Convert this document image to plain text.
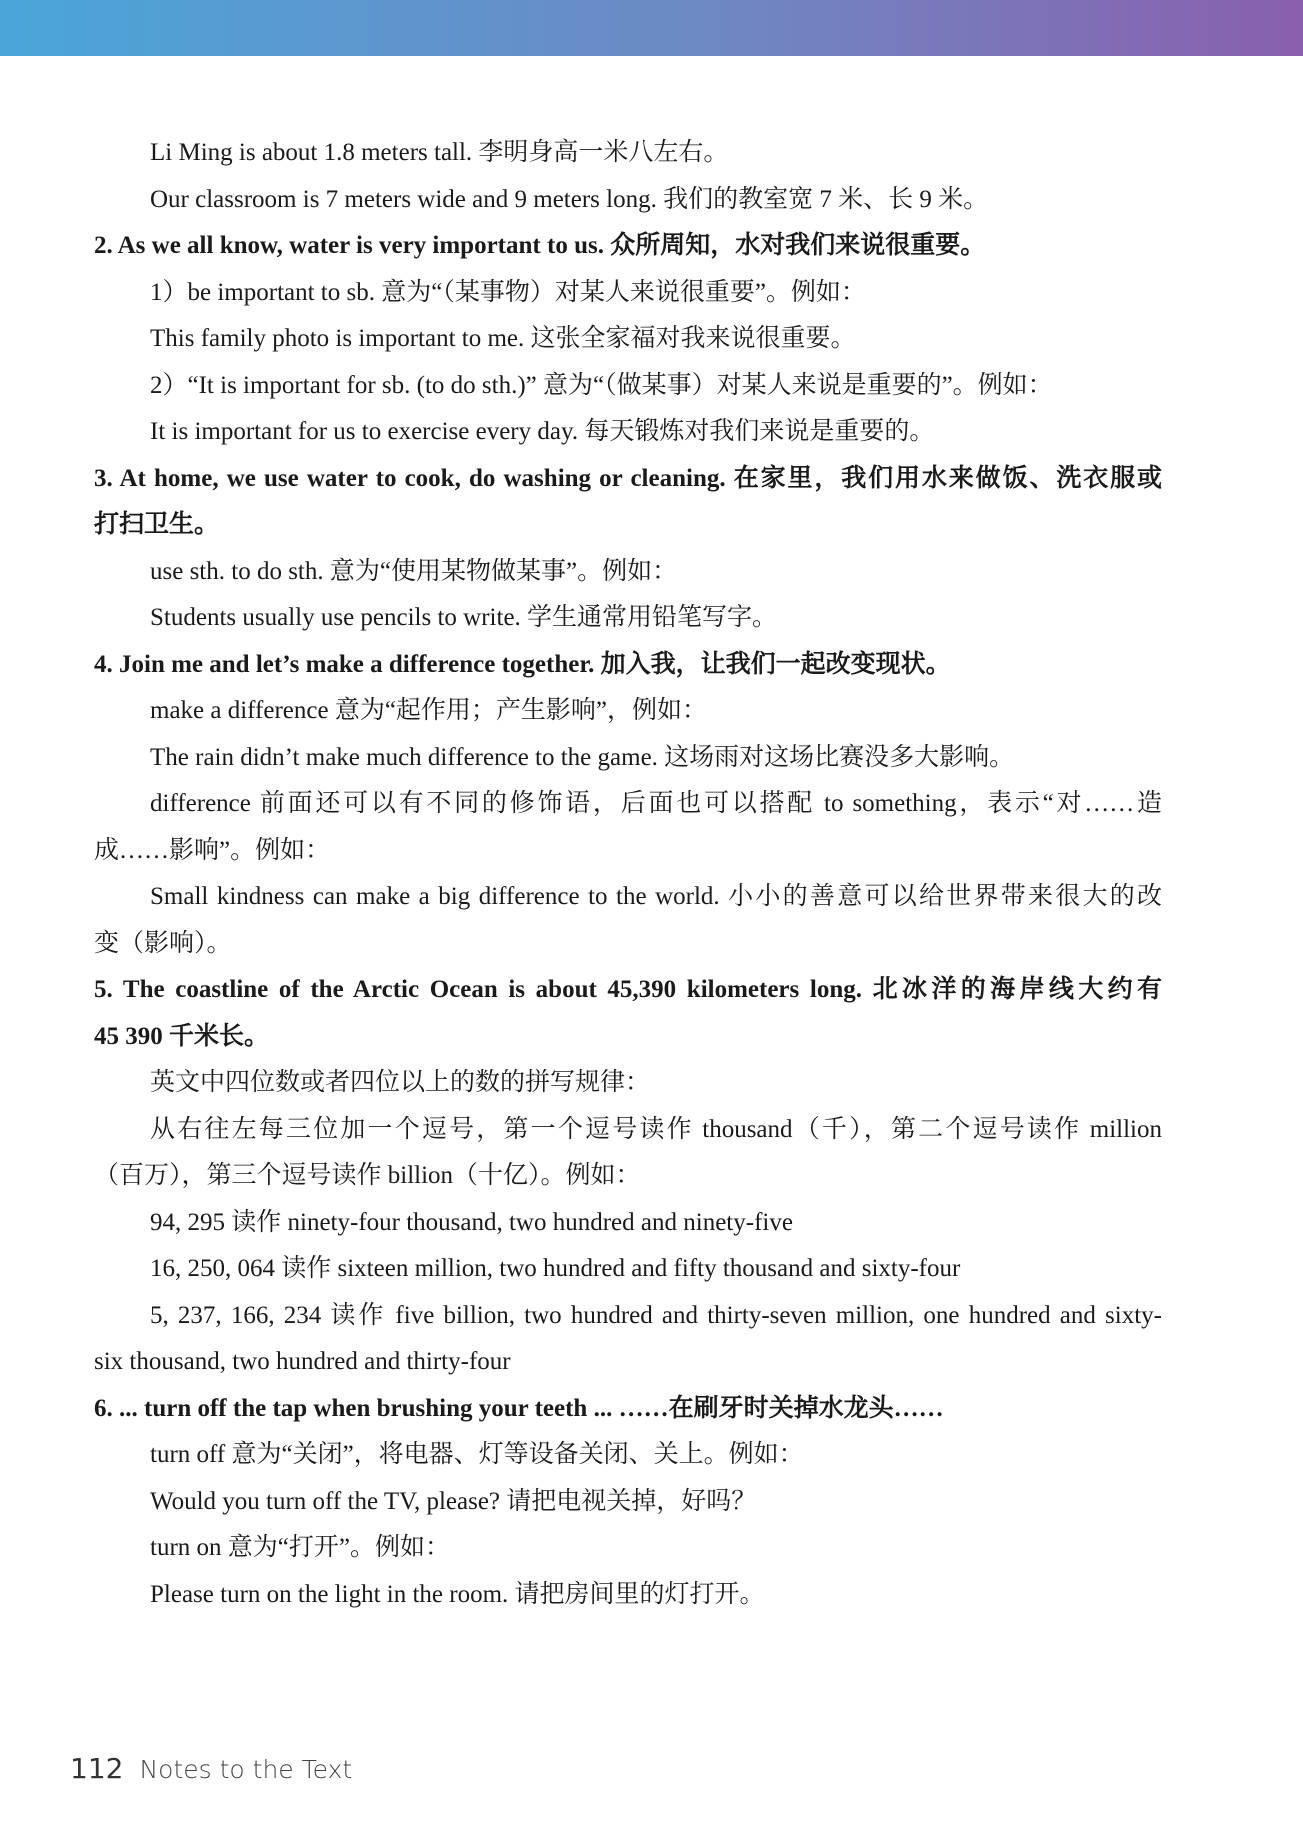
Li Ming is about 1.8 meters tall. 李明身高一米八左右。

Our classroom is 7 meters wide and 9 meters long. 我们的教室宽 7 米、长 9 米。

2. As we all know, water is very important to us. 众所周知，水对我们来说很重要。

1）be important to sb. 意为“（某事物）对某人来说很重要”。例如：

This family photo is important to me. 这张全家福对我来说很重要。

2）“It is important for sb. (to do sth.)” 意为“（做某事）对某人来说是重要的”。例如：

It is important for us to exercise every day. 每天锻炼对我们来说是重要的。

3. At home, we use water to cook, do washing or cleaning. 在家里，我们用水来做饭、洗衣服或

打扫卫生。

use sth. to do sth. 意为“使用某物做某事”。例如：

Students usually use pencils to write. 学生通常用铅笔写字。

4. Join me and let’s make a difference together. 加入我，让我们一起改变现状。

make a difference 意为“起作用；产生影响”，例如：

The rain didn’t make much difference to the game. 这场雨对这场比赛没多大影响。

difference 前面还可以有不同的修饰语，后面也可以搭配 to something，表示“对……造

成……影响”。例如：

Small kindness can make a big difference to the world. 小小的善意可以给世界带来很大的改

变（影响）。

5. The coastline of the Arctic Ocean is about 45,390 kilometers long. 北冰洋的海岸线大约有

45 390 千米长。

英文中四位数或者四位以上的数的拼写规律：

从右往左每三位加一个逗号，第一个逗号读作 thousand（千），第二个逗号读作 million

（百万），第三个逗号读作 billion（十亿）。例如：

94, 295 读作 ninety-four thousand, two hundred and ninety-five

16, 250, 064 读作 sixteen million, two hundred and fifty thousand and sixty-four

5, 237, 166, 234 读作 five billion, two hundred and thirty-seven million, one hundred and sixty-

six thousand, two hundred and thirty-four

6. ... turn off the tap when brushing your teeth ... ……在刷牙时关掉水龙头……

turn off 意为“关闭”，将电器、灯等设备关闭、关上。例如：

Would you turn off the TV, please? 请把电视关掉，好吗？

turn on 意为“打开”。例如：

Please turn on the light in the room. 请把房间里的灯打开。

112 Notes to the Text
